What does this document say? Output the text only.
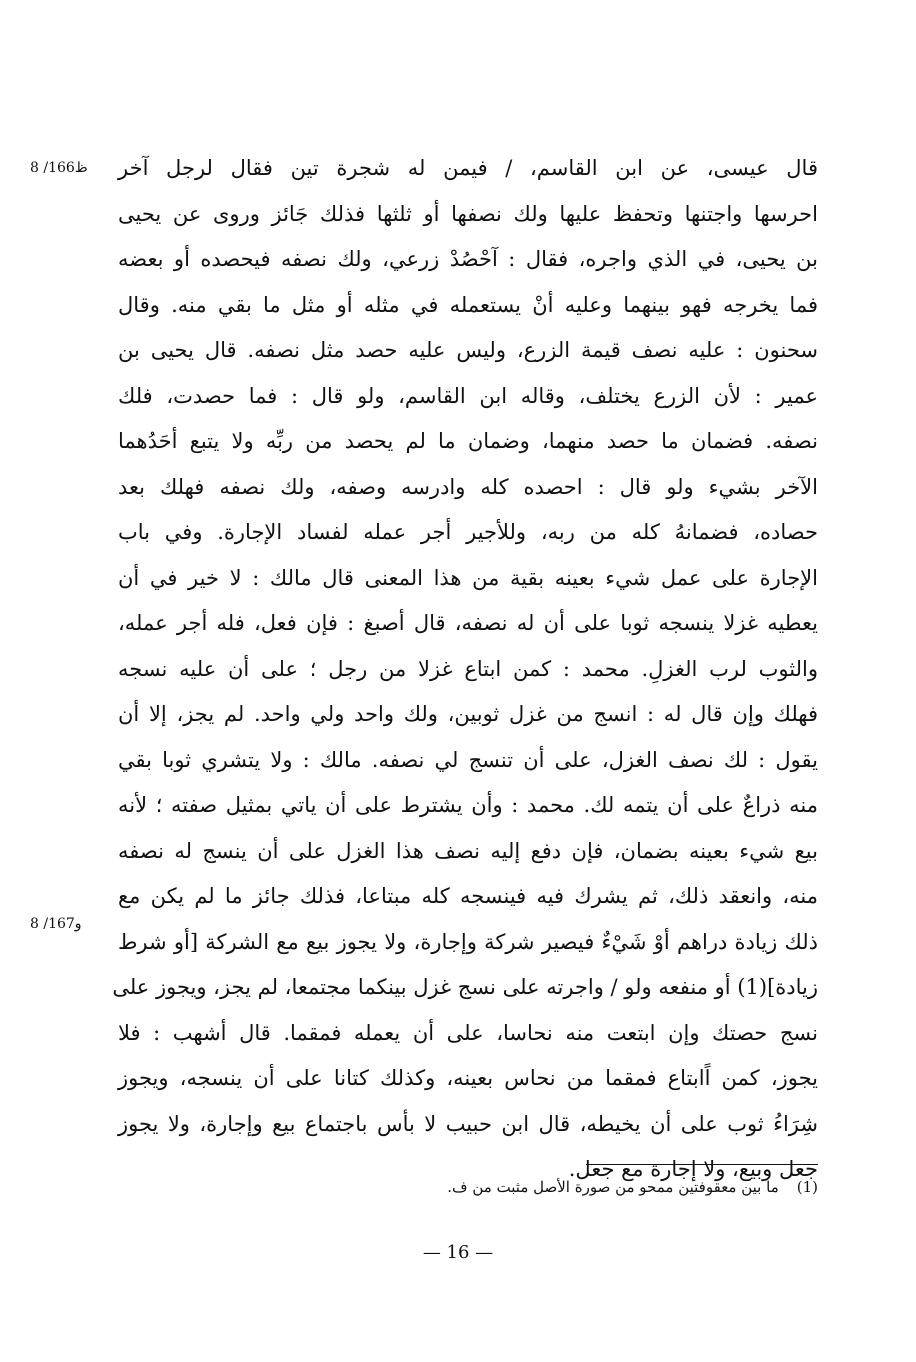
8 /166ظ
8 /167و
قال عيسى، عن ابن القاسم، / فيمن له شجرة تين فقال لرجل آخر
احرسها واجتنها وتحفظ عليها ولك نصفها أو ثلثها فذلك جَائز وروى عن يحيى
بن يحيى، في الذي واجره، فقال : آحْصُدْ زرعي، ولك نصفه فيحصده أو بعضه
فما يخرجه فهو بينهما وعليه أنْ يستعمله في مثله أو مثل ما بقي منه. وقال
سحنون : عليه نصف قيمة الزرع، وليس عليه حصد مثل نصفه. قال يحيى بن
عمير : لأن الزرع يختلف، وقاله ابن القاسم، ولو قال : فما حصدت، فلك
نصفه. فضمان ما حصد منهما، وضمان ما لم يحصد من ربِّه ولا يتبع أحَدُهما
الآخر بشيء ولو قال : احصده كله وادرسه وصفه، ولك نصفه فهلك بعد
حصاده، فضمانهُ كله من ربه، وللأجير أجر عمله لفساد الإجارة. وفي باب
الإجارة على عمل شيء بعينه بقية من هذا المعنى قال مالك : لا خير في أن
يعطيه غزلا ينسجه ثوبا على أن له نصفه، قال أصبغ : فإن فعل، فله أجر عمله،
والثوب لرب الغزلِ. محمد : كمن ابتاع غزلا من رجل ؛ على أن عليه نسجه
فهلك وإن قال له : انسج من غزل ثوبين، ولك واحد ولي واحد. لم يجز، إلا أن
يقول : لك نصف الغزل، على أن تنسج لي نصفه. مالك : ولا يتشري ثوبا بقي
منه ذراعٌ على أن يتمه لك. محمد : وأن يشترط على أن ياتي بمثيل صفته ؛ لأنه
بيع شيء بعينه بضمان، فإن دفع إليه نصف هذا الغزل على أن ينسج له نصفه
منه، وانعقد ذلك، ثم يشرك فيه فينسجه كله مبتاعا، فذلك جائز ما لم يكن مع
ذلك زيادة دراهم أوْ شَيْءٌ فيصير شركة وإجارة، ولا يجوز بيع مع الشركة [أو شرط
زيادة](1) أو منفعه ولو / واجرته على نسج غزل بينكما مجتمعا، لم يجز، ويجوز على
نسج حصتك وإن ابتعت منه نحاسا، على أن يعمله فمقما. قال أشهب : فلا
يجوز، كمن اًابتاع فمقما من نحاس بعينه، وكذلك كتانا على أن ينسجه، ويجوز
شِرَاءُ ثوب على أن يخيطه، قال ابن حبيب لا بأس باجتماع بيع وإجارة، ولا يجوز
جعل وبيع، ولا إجارة مع جعل.
(1)ما بين معقوفتين ممحو من صورة الأصل مثبت من ف.
— 16 —
